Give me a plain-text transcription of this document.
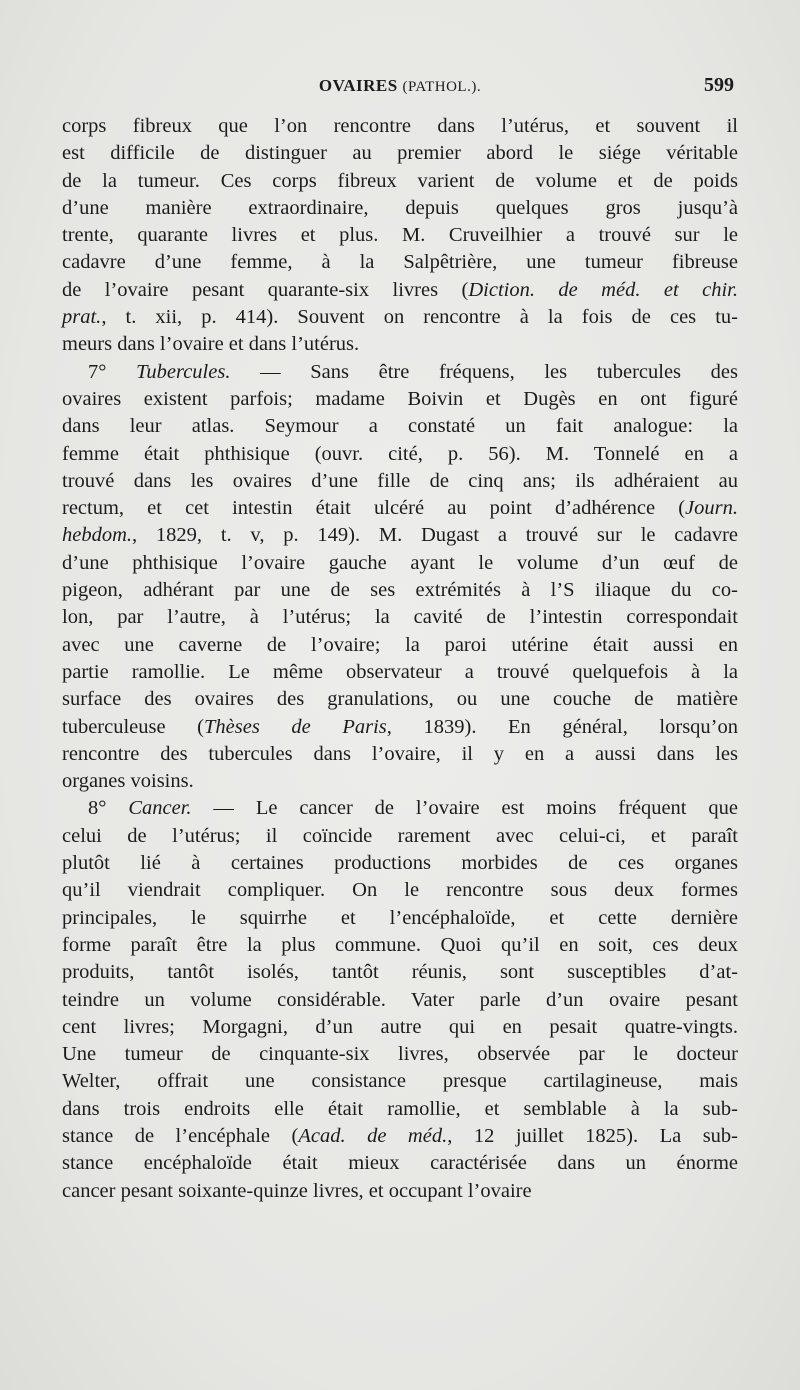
OVAIRES (PATHOL.).	599
corps fibreux que l’on rencontre dans l’utérus, et souvent il
est difficile de distinguer au premier abord le siége véritable
de la tumeur. Ces corps fibreux varient de volume et de poids
d’une manière extraordinaire, depuis quelques gros jusqu’à
trente, quarante livres et plus. M. Cruveilhier a trouvé sur le
cadavre d’une femme, à la Salpêtrière, une tumeur fibreuse
de l’ovaire pesant quarante-six livres (Diction. de méd. et chir.
prat., t. xii, p. 414). Souvent on rencontre à la fois de ces tu-
meurs dans l’ovaire et dans l’utérus.
7° Tubercules. — Sans être fréquens, les tubercules des
ovaires existent parfois; madame Boivin et Dugès en ont figuré
dans leur atlas. Seymour a constaté un fait analogue: la
femme était phthisique (ouvr. cité, p. 56). M. Tonnelé en a
trouvé dans les ovaires d’une fille de cinq ans; ils adhéraient au
rectum, et cet intestin était ulcéré au point d’adhérence (Journ.
hebdom., 1829, t. v, p. 149). M. Dugast a trouvé sur le cadavre
d’une phthisique l’ovaire gauche ayant le volume d’un œuf de
pigeon, adhérant par une de ses extrémités à l’S iliaque du co-
lon, par l’autre, à l’utérus; la cavité de l’intestin correspondait
avec une caverne de l’ovaire; la paroi utérine était aussi en
partie ramollie. Le même observateur a trouvé quelquefois à la
surface des ovaires des granulations, ou une couche de matière
tuberculeuse (Thèses de Paris, 1839). En général, lorsqu’on
rencontre des tubercules dans l’ovaire, il y en a aussi dans les
organes voisins.
8° Cancer. — Le cancer de l’ovaire est moins fréquent que
celui de l’utérus; il coïncide rarement avec celui-ci, et paraît
plutôt lié à certaines productions morbides de ces organes
qu’il viendrait compliquer. On le rencontre sous deux formes
principales, le squirrhe et l’encéphaloïde, et cette dernière
forme paraît être la plus commune. Quoi qu’il en soit, ces deux
produits, tantôt isolés, tantôt réunis, sont susceptibles d’at-
teindre un volume considérable. Vater parle d’un ovaire pesant
cent livres; Morgagni, d’un autre qui en pesait quatre-vingts.
Une tumeur de cinquante-six livres, observée par le docteur
Welter, offrait une consistance presque cartilagineuse, mais
dans trois endroits elle était ramollie, et semblable à la sub-
stance de l’encéphale (Acad. de méd., 12 juillet 1825). La sub-
stance encéphaloïde était mieux caractérisée dans un énorme
cancer pesant soixante-quinze livres, et occupant l’ovaire
